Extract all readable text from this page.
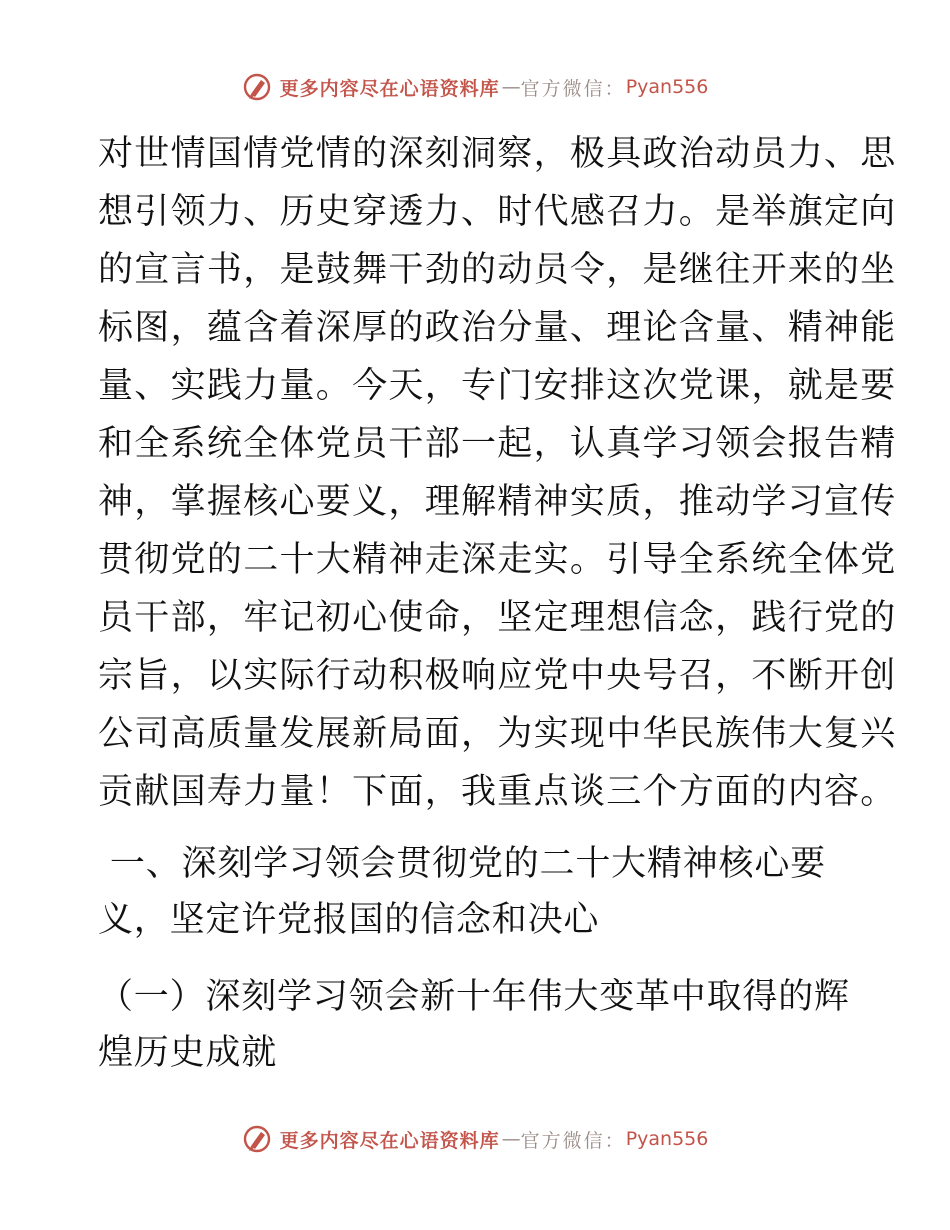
更多内容尽在心语资料库 — 官方微信： Pyan556
对世情国情党情的深刻洞察，极具政治动员力、思
想引领力、历史穿透力、时代感召力。是举旗定向
的宣言书，是鼓舞干劲的动员令，是继往开来的坐
标图，蕴含着深厚的政治分量、理论含量、精神能
量、实践力量。今天，专门安排这次党课，就是要
和全系统全体党员干部一起，认真学习领会报告精
神，掌握核心要义，理解精神实质，推动学习宣传
贯彻党的二十大精神走深走实。引导全系统全体党
员干部，牢记初心使命，坚定理想信念，践行党的
宗旨，以实际行动积极响应党中央号召，不断开创
公司高质量发展新局面，为实现中华民族伟大复兴
贡献国寿力量！下面，我重点谈三个方面的内容。
一、深刻学习领会贯彻党的二十大精神核心要
义，坚定许党报国的信念和决心
（一）深刻学习领会新十年伟大变革中取得的辉
煌历史成就
更多内容尽在心语资料库 — 官方微信： Pyan556
